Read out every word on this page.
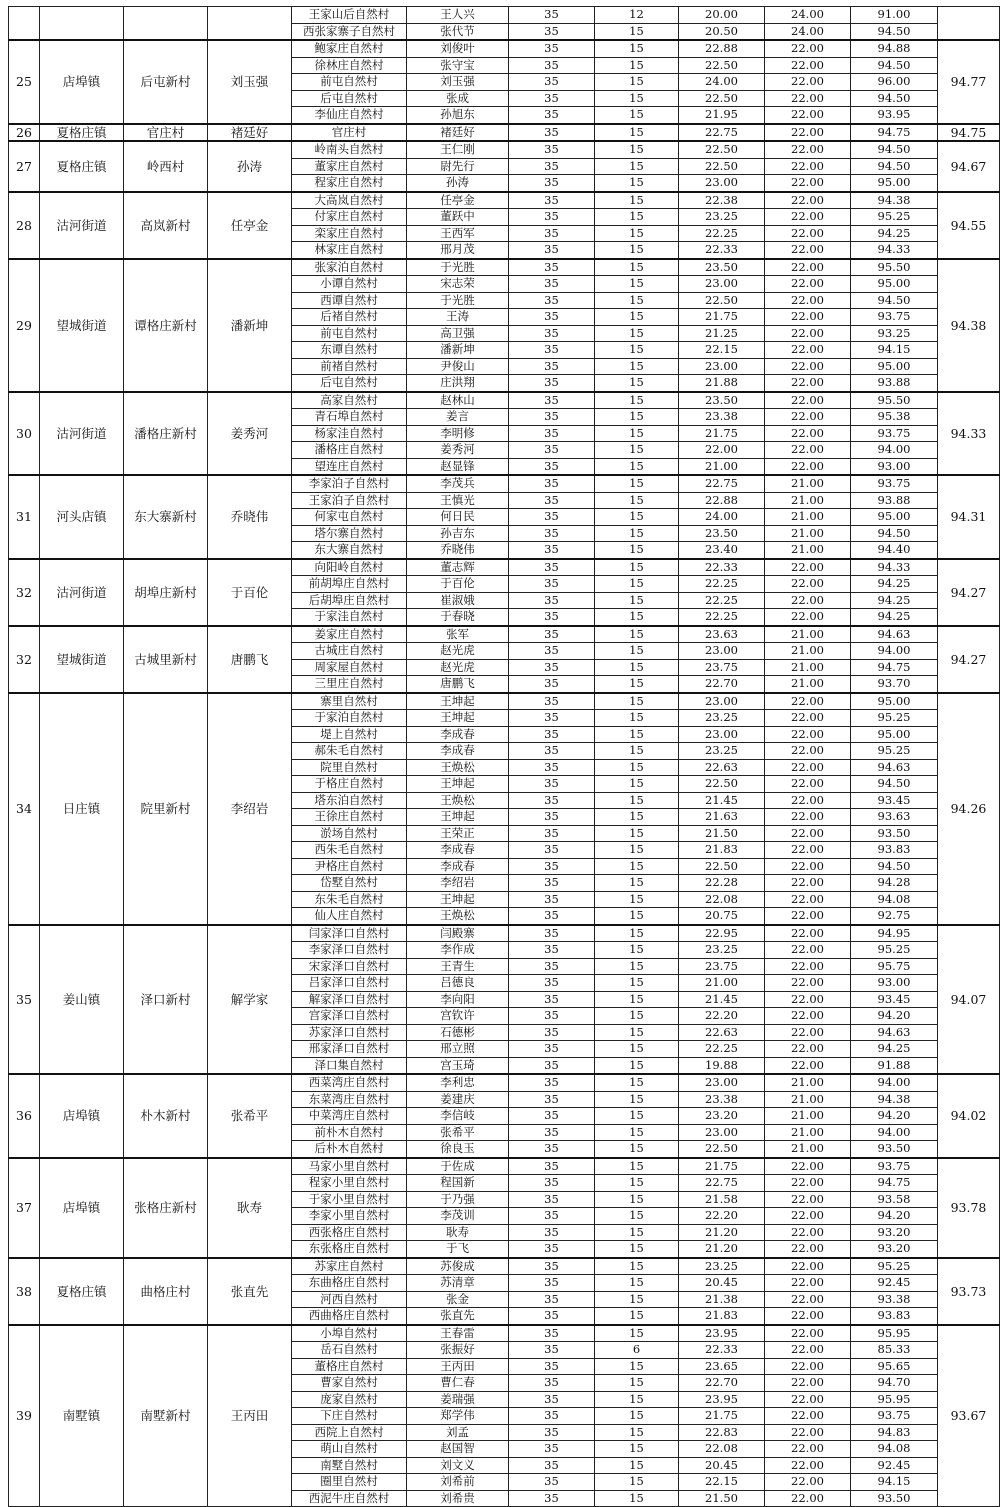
				王家山后自然村	王人兴	35	12	20.00	24.00	91.00	
				西张家寨子自然村	张代节	35	15	20.50	24.00	94.50	
25	店埠镇	后屯新村	刘玉强	鲍家庄自然村	刘俊叶	35	15	22.88	22.00	94.88	94.77
				徐林庄自然村	张守宝	35	15	22.50	22.00	94.50	
				前屯自然村	刘玉强	35	15	24.00	22.00	96.00	
				后屯自然村	张成	35	15	22.50	22.00	94.50	
				李仙庄自然村	孙旭东	35	15	21.95	22.00	93.95	
26	夏格庄镇	官庄村	褚廷好	官庄村	褚廷好	35	15	22.75	22.00	94.75	94.75
27	夏格庄镇	岭西村	孙涛	岭南头自然村	王仁刚	35	15	22.50	22.00	94.50	94.67
				董家庄自然村	尉先行	35	15	22.50	22.00	94.50	
				程家庄自然村	孙涛	35	15	23.00	22.00	95.00	
28	沽河街道	高岚新村	任亭金	大高岚自然村	任亭金	35	15	22.38	22.00	94.38	94.55
				付家庄自然村	董跃中	35	15	23.25	22.00	95.25	
				栾家庄自然村	王西军	35	15	22.25	22.00	94.25	
				林家庄自然村	邢月茂	35	15	22.33	22.00	94.33	
29	望城街道	谭格庄新村	潘新坤	张家泊自然村	于光胜	35	15	23.50	22.00	95.50	94.38
				小谭自然村	宋志荣	35	15	23.00	22.00	95.00	
				西谭自然村	于光胜	35	15	22.50	22.00	94.50	
				后褚自然村	王涛	35	15	21.75	22.00	93.75	
				前屯自然村	高卫强	35	15	21.25	22.00	93.25	
				东谭自然村	潘新坤	35	15	22.15	22.00	94.15	
				前褚自然村	尹俊山	35	15	23.00	22.00	95.00	
				后屯自然村	庄洪翔	35	15	21.88	22.00	93.88	
30	沽河街道	潘格庄新村	姜秀河	高家自然村	赵林山	35	15	23.50	22.00	95.50	94.33
				青石埠自然村	姜言	35	15	23.38	22.00	95.38	
				杨家洼自然村	李明修	35	15	21.75	22.00	93.75	
				潘格庄自然村	姜秀河	35	15	22.00	22.00	94.00	
				望连庄自然村	赵显锋	35	15	21.00	22.00	93.00	
31	河头店镇	东大寨新村	乔晓伟	李家泊子自然村	李茂兵	35	15	22.75	21.00	93.75	94.31
				王家泊子自然村	王慎光	35	15	22.88	21.00	93.88	
				何家屯自然村	何日民	35	15	24.00	21.00	95.00	
				塔尔寨自然村	孙吉东	35	15	23.50	21.00	94.50	
				东大寨自然村	乔晓伟	35	15	23.40	21.00	94.40	
32	沽河街道	胡埠庄新村	于百伦	向阳岭自然村	董志辉	35	15	22.33	22.00	94.33	94.27
				前胡埠庄自然村	于百伦	35	15	22.25	22.00	94.25	
				后胡埠庄自然村	崔淑娥	35	15	22.25	22.00	94.25	
				于家洼自然村	于春晓	35	15	22.25	22.00	94.25	
32	望城街道	古城里新村	唐鹏飞	姜家庄自然村	张军	35	15	23.63	21.00	94.63	94.27
				古城庄自然村	赵光虎	35	15	23.00	21.00	94.00	
				周家屋自然村	赵光虎	35	15	23.75	21.00	94.75	
				三里庄自然村	唐鹏飞	35	15	22.70	21.00	93.70	
34	日庄镇	院里新村	李绍岩	寨里自然村	王坤起	35	15	23.00	22.00	95.00	94.26
				于家泊自然村	王坤起	35	15	23.25	22.00	95.25	
				堤上自然村	李成春	35	15	23.00	22.00	95.00	
				郝朱毛自然村	李成春	35	15	23.25	22.00	95.25	
				院里自然村	王焕松	35	15	22.63	22.00	94.63	
				于格庄自然村	王坤起	35	15	22.50	22.00	94.50	
				塔东泊自然村	王焕松	35	15	21.45	22.00	93.45	
				王徐庄自然村	王坤起	35	15	21.63	22.00	93.63	
				淤场自然村	王荣正	35	15	21.50	22.00	93.50	
				西朱毛自然村	李成春	35	15	21.83	22.00	93.83	
				尹格庄自然村	李成春	35	15	22.50	22.00	94.50	
				岱墅自然村	李绍岩	35	15	22.28	22.00	94.28	
				东朱毛自然村	王坤起	35	15	22.08	22.00	94.08	
				仙人庄自然村	王焕松	35	15	20.75	22.00	92.75	
35	姜山镇	泽口新村	解学家	闫家泽口自然村	闫殿寨	35	15	22.95	22.00	94.95	94.07
				李家泽口自然村	李作成	35	15	23.25	22.00	95.25	
				宋家泽口自然村	王青生	35	15	23.75	22.00	95.75	
				吕家泽口自然村	吕德良	35	15	21.00	22.00	93.00	
				解家泽口自然村	李向阳	35	15	21.45	22.00	93.45	
				宫家泽口自然村	宫钦许	35	15	22.20	22.00	94.20	
				苏家泽口自然村	石德彬	35	15	22.63	22.00	94.63	
				邢家泽口自然村	邢立照	35	15	22.25	22.00	94.25	
				泽口集自然村	宫玉琦	35	15	19.88	22.00	91.88	
36	店埠镇	朴木新村	张希平	西菜湾庄自然村	李利忠	35	15	23.00	21.00	94.00	94.02
				东菜湾庄自然村	姜建庆	35	15	23.38	21.00	94.38	
				中菜湾庄自然村	李信岐	35	15	23.20	21.00	94.20	
				前朴木自然村	张希平	35	15	23.00	21.00	94.00	
				后朴木自然村	徐良玉	35	15	22.50	21.00	93.50	
37	店埠镇	张格庄新村	耿寿	马家小里自然村	于佐成	35	15	21.75	22.00	93.75	93.78
				程家小里自然村	程国新	35	15	22.75	22.00	94.75	
				于家小里自然村	于乃强	35	15	21.58	22.00	93.58	
				李家小里自然村	李茂训	35	15	22.20	22.00	94.20	
				西张格庄自然村	耿寿	35	15	21.20	22.00	93.20	
				东张格庄自然村	于飞	35	15	21.20	22.00	93.20	
38	夏格庄镇	曲格庄村	张直先	苏家庄自然村	苏俊成	35	15	23.25	22.00	95.25	93.73
				东曲格庄自然村	苏清章	35	15	20.45	22.00	92.45	
				河西自然村	张金	35	15	21.38	22.00	93.38	
				西曲格庄自然村	张直先	35	15	21.83	22.00	93.83	
39	南墅镇	南墅新村	王丙田	小埠自然村	王春雷	35	15	23.95	22.00	95.95	93.67
				岳石自然村	张振好	35	6	22.33	22.00	85.33	
				董格庄自然村	王丙田	35	15	23.65	22.00	95.65	
				曹家自然村	曹仁春	35	15	22.70	22.00	94.70	
				庞家自然村	姜瑞强	35	15	23.95	22.00	95.95	
				下庄自然村	郑学伟	35	15	21.75	22.00	93.75	
				西院上自然村	刘孟	35	15	22.83	22.00	94.83	
				萌山自然村	赵国智	35	15	22.08	22.00	94.08	
				南墅自然村	刘文义	35	15	20.45	22.00	92.45	
				圈里自然村	刘希前	35	15	22.15	22.00	94.15	
				西泥牛庄自然村	刘希贵	35	15	21.50	22.00	93.50	
